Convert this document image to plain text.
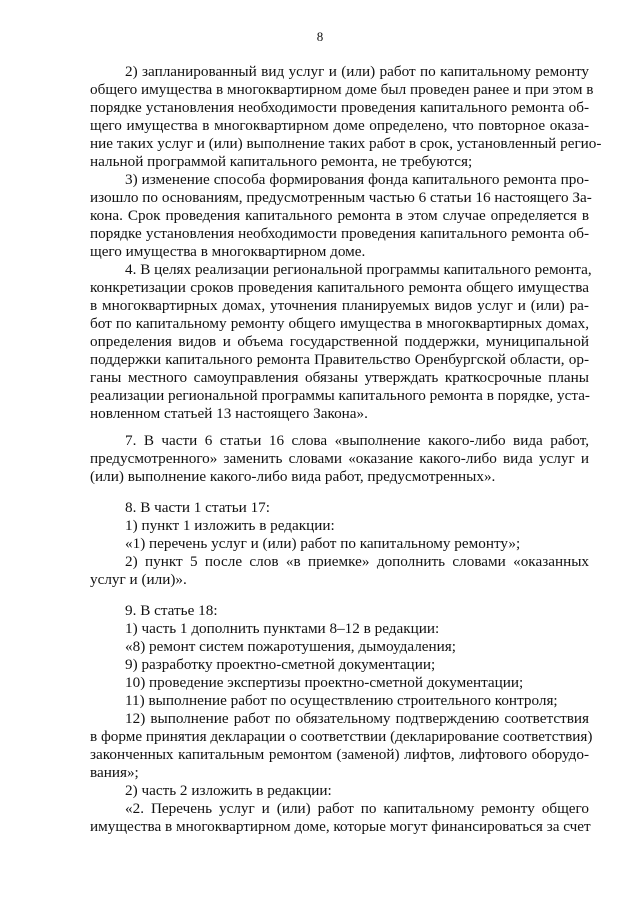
8
2) запланированный вид услуг и (или) работ по капитальному ремонту
общего имущества в многоквартирном доме был проведен ранее и при этом в
порядке установления необходимости проведения капитального ремонта об-
щего имущества в многоквартирном доме определено, что повторное оказа-
ние таких услуг и (или) выполнение таких работ в срок, установленный регио-
нальной программой капитального ремонта, не требуются;
3) изменение способа формирования фонда капитального ремонта про-
изошло по основаниям, предусмотренным частью 6 статьи 16 настоящего За-
кона. Срок проведения капитального ремонта в этом случае определяется в
порядке установления необходимости проведения капитального ремонта об-
щего имущества в многоквартирном доме.
4. В целях реализации региональной программы капитального ремонта,
конкретизации сроков проведения капитального ремонта общего имущества
в многоквартирных домах, уточнения планируемых видов услуг и (или) ра-
бот по капитальному ремонту общего имущества в многоквартирных домах,
определения видов и объема государственной поддержки, муниципальной
поддержки капитального ремонта Правительство Оренбургской области, ор-
ганы местного самоуправления обязаны утверждать краткосрочные планы
реализации региональной программы капитального ремонта в порядке, уста-
новленном статьей 13 настоящего Закона».
7. В части 6 статьи 16 слова «выполнение какого-либо вида работ,
предусмотренного» заменить словами «оказание какого-либо вида услуг и
(или) выполнение какого-либо вида работ, предусмотренных».
8. В части 1 статьи 17:
1) пункт 1 изложить в редакции:
«1) перечень услуг и (или) работ по капитальному ремонту»;
2) пункт 5 после слов «в приемке» дополнить словами «оказанных
услуг и (или)».
9. В статье 18:
1) часть 1 дополнить пунктами 8–12 в редакции:
«8) ремонт систем пожаротушения, дымоудаления;
9) разработку проектно-сметной документации;
10) проведение экспертизы проектно-сметной документации;
11) выполнение работ по осуществлению строительного контроля;
12) выполнение работ по обязательному подтверждению соответствия
в форме принятия декларации о соответствии (декларирование соответствия)
законченных капитальным ремонтом (заменой) лифтов, лифтового оборудо-
вания»;
2) часть 2 изложить в редакции:
«2. Перечень услуг и (или) работ по капитальному ремонту общего
имущества в многоквартирном доме, которые могут финансироваться за счет
